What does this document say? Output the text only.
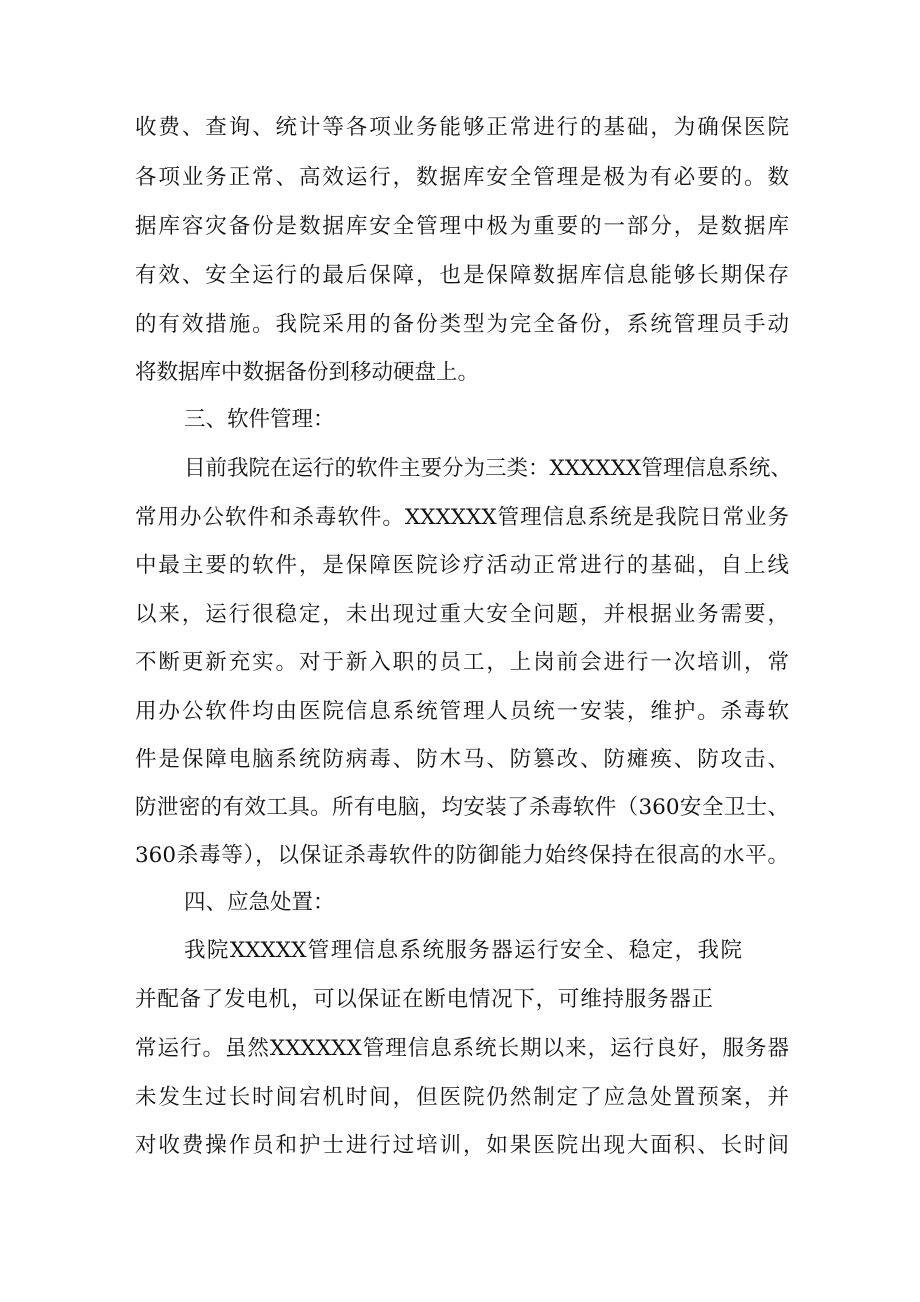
收费、查询、统计等各项业务能够正常进行的基础，为确保医院
各项业务正常、高效运行，数据库安全管理是极为有必要的。数
据库容灾备份是数据库安全管理中极为重要的一部分，是数据库
有效、安全运行的最后保障，也是保障数据库信息能够长期保存
的有效措施。我院采用的备份类型为完全备份，系统管理员手动
将数据库中数据备份到移动硬盘上。
三、软件管理：
目前我院在运行的软件主要分为三类：XXXXXX管理信息系统、
常用办公软件和杀毒软件。XXXXXX管理信息系统是我院日常业务
中最主要的软件，是保障医院诊疗活动正常进行的基础，自上线
以来，运行很稳定，未出现过重大安全问题，并根据业务需要，
不断更新充实。对于新入职的员工，上岗前会进行一次培训，常
用办公软件均由医院信息系统管理人员统一安装，维护。杀毒软
件是保障电脑系统防病毒、防木马、防篡改、防瘫痪、防攻击、
防泄密的有效工具。所有电脑，均安装了杀毒软件（360安全卫士、
360杀毒等），以保证杀毒软件的防御能力始终保持在很高的水平。
四、应急处置：
我院XXXXX管理信息系统服务器运行安全、稳定，我院
并配备了发电机，可以保证在断电情况下，可维持服务器正
常运行。虽然XXXXXX管理信息系统长期以来，运行良好，服务器
未发生过长时间宕机时间，但医院仍然制定了应急处置预案，并
对收费操作员和护士进行过培训，如果医院出现大面积、长时间
